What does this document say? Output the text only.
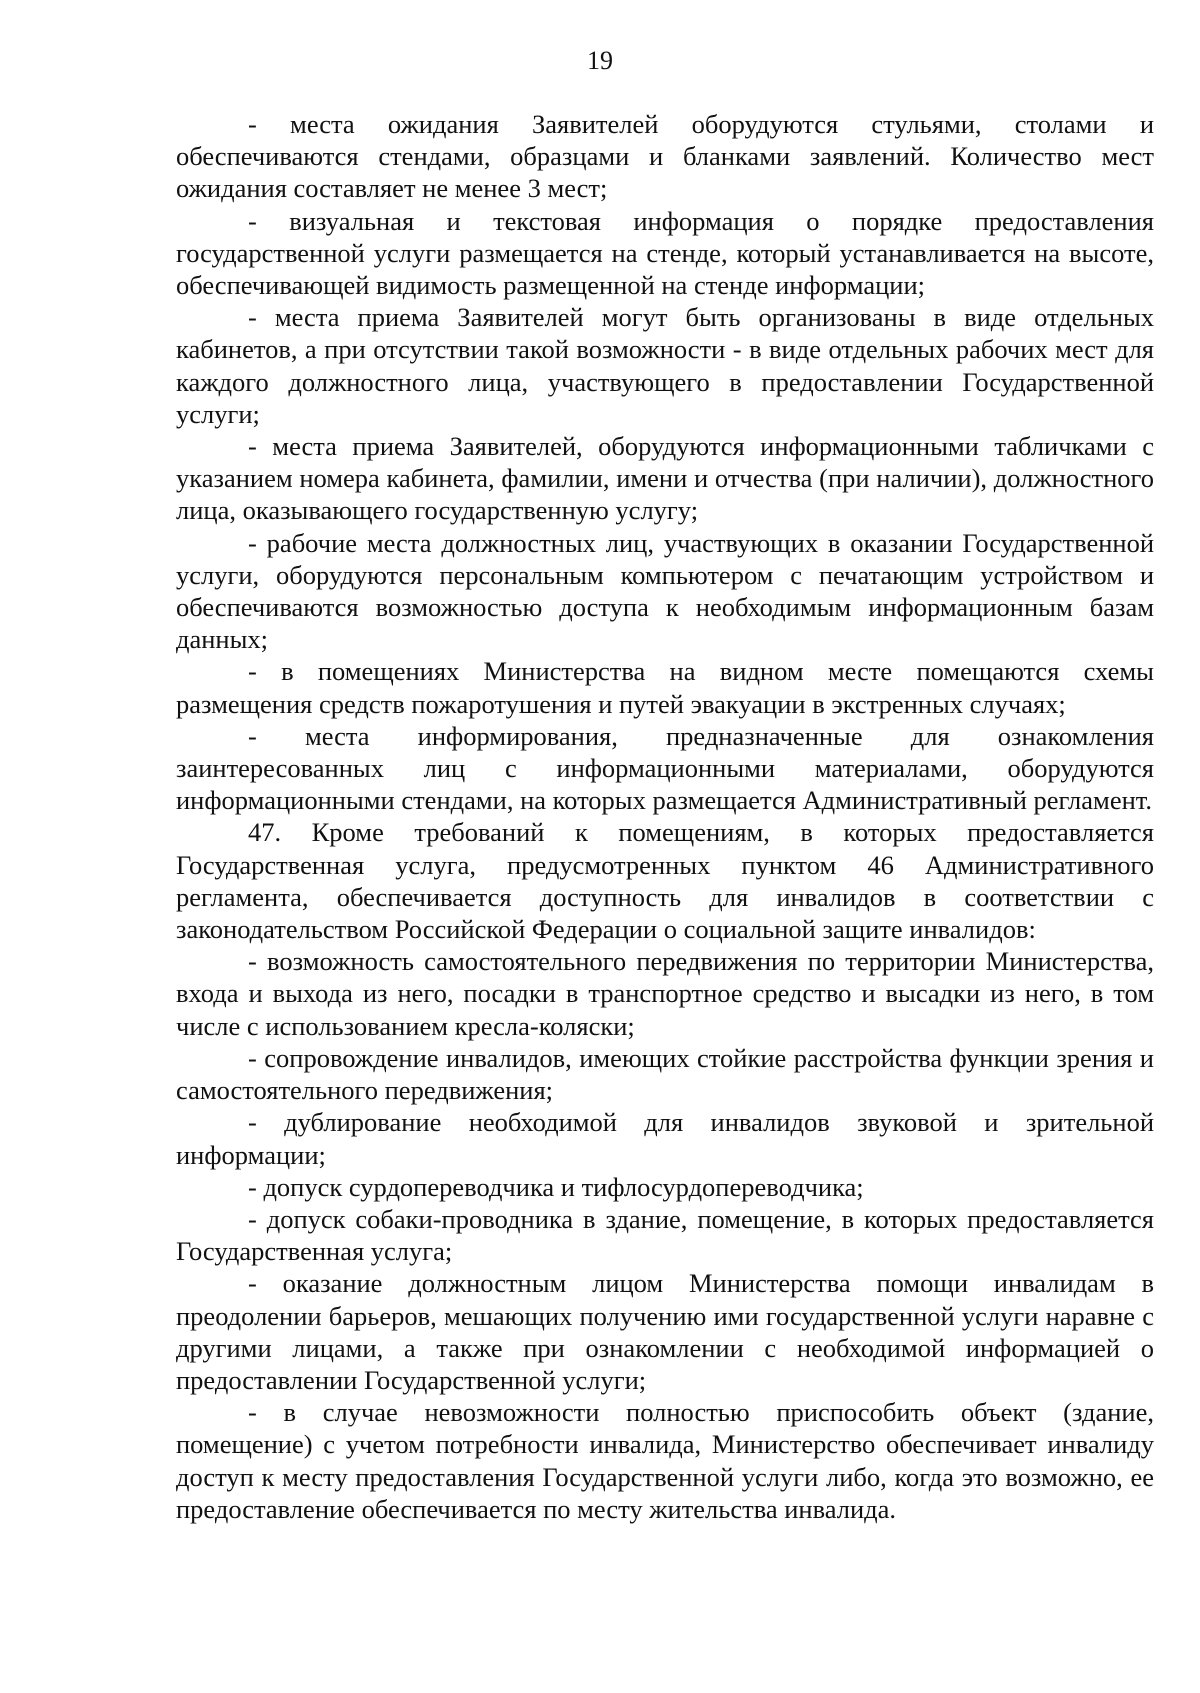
19

- места ожидания Заявителей оборудуются стульями, столами и обеспечиваются стендами, образцами и бланками заявлений. Количество мест ожидания составляет не менее 3 мест;

- визуальная и текстовая информация о порядке предоставления государственной услуги размещается на стенде, который устанавливается на высоте, обеспечивающей видимость размещенной на стенде информации;

- места приема Заявителей могут быть организованы в виде отдельных кабинетов, а при отсутствии такой возможности - в виде отдельных рабочих мест для каждого должностного лица, участвующего в предоставлении Государственной услуги;

- места приема Заявителей, оборудуются информационными табличками с указанием номера кабинета, фамилии, имени и отчества (при наличии), должностного лица, оказывающего государственную услугу;

- рабочие места должностных лиц, участвующих в оказании Государственной услуги, оборудуются персональным компьютером с печатающим устройством и обеспечиваются возможностью доступа к необходимым информационным базам данных;

- в помещениях Министерства на видном месте помещаются схемы размещения средств пожаротушения и путей эвакуации в экстренных случаях;

- места информирования, предназначенные для ознакомления заинтересованных лиц с информационными материалами, оборудуются информационными стендами, на которых размещается Административный регламент.

47. Кроме требований к помещениям, в которых предоставляется Государственная услуга, предусмотренных пунктом 46 Административного регламента, обеспечивается доступность для инвалидов в соответствии с законодательством Российской Федерации о социальной защите инвалидов:

- возможность самостоятельного передвижения по территории Министерства, входа и выхода из него, посадки в транспортное средство и высадки из него, в том числе с использованием кресла-коляски;

- сопровождение инвалидов, имеющих стойкие расстройства функции зрения и самостоятельного передвижения;

- дублирование необходимой для инвалидов звуковой и зрительной информации;

- допуск сурдопереводчика и тифлосурдопереводчика;

- допуск собаки-проводника в здание, помещение, в которых предоставляется Государственная услуга;

- оказание должностным лицом Министерства помощи инвалидам в преодолении барьеров, мешающих получению ими государственной услуги наравне с другими лицами, а также при ознакомлении с необходимой информацией о предоставлении Государственной услуги;

- в случае невозможности полностью приспособить объект (здание, помещение) с учетом потребности инвалида, Министерство обеспечивает инвалиду доступ к месту предоставления Государственной услуги либо, когда это возможно, ее предоставление обеспечивается по месту жительства инвалида.
